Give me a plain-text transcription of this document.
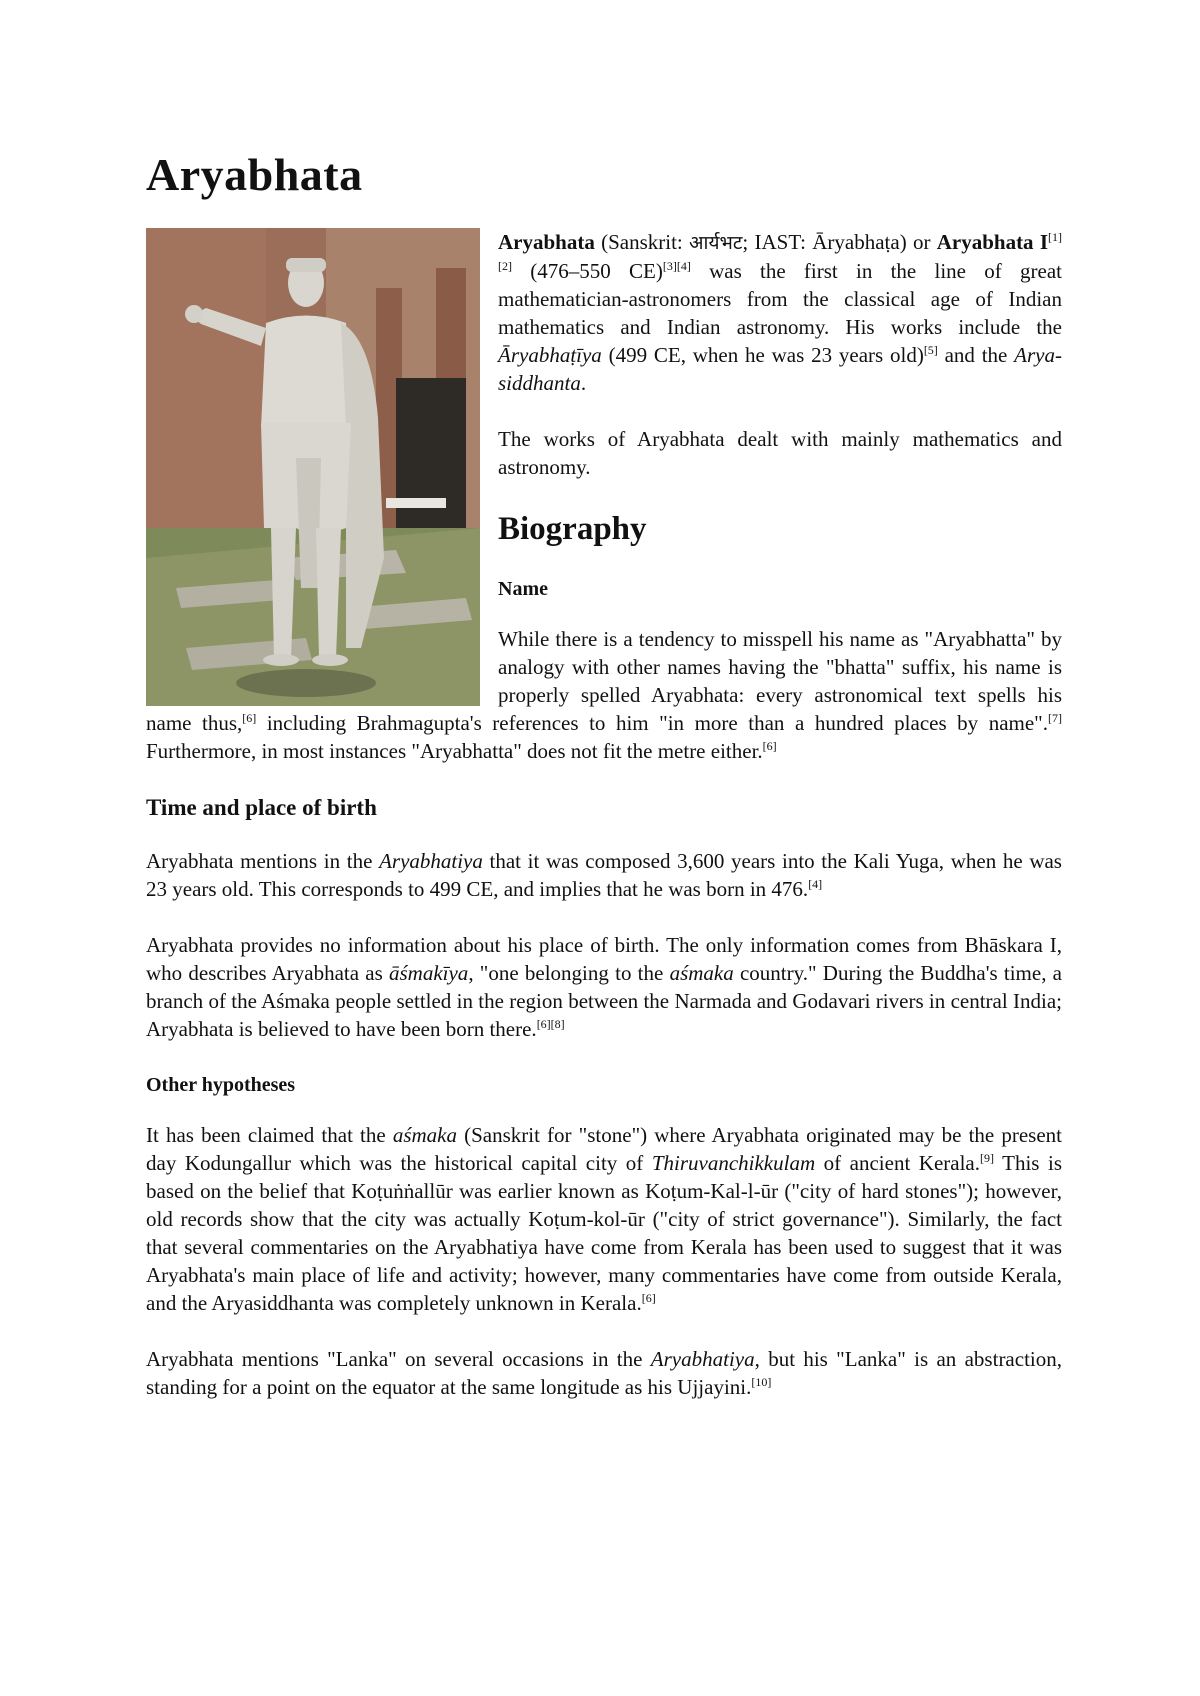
Aryabhata

Aryabhata (Sanskrit: आर्यभट; IAST: Āryabhaṭa) or Aryabhata I[1][2] (476–550 CE)[3][4] was the first in the line of great mathematician-astronomers from the classical age of Indian mathematics and Indian astronomy. His works include the Āryabhaṭīya (499 CE, when he was 23 years old)[5] and the Arya-siddhanta.

The works of Aryabhata dealt with mainly mathematics and astronomy.

Biography
Name

While there is a tendency to misspell his name as "Aryabhatta" by analogy with other names having the "bhatta" suffix, his name is properly spelled Aryabhata: every astronomical text spells his name thus,[6] including Brahmagupta's references to him "in more than a hundred places by name".[7] Furthermore, in most instances "Aryabhatta" does not fit the metre either.[6]

Time and place of birth

Aryabhata mentions in the Aryabhatiya that it was composed 3,600 years into the Kali Yuga, when he was 23 years old. This corresponds to 499 CE, and implies that he was born in 476.[4]

Aryabhata provides no information about his place of birth. The only information comes from Bhāskara I, who describes Aryabhata as āśmakīya, "one belonging to the aśmaka country." During the Buddha's time, a branch of the Aśmaka people settled in the region between the Narmada and Godavari rivers in central India; Aryabhata is believed to have been born there.[6][8]

Other hypotheses

It has been claimed that the aśmaka (Sanskrit for "stone") where Aryabhata originated may be the present day Kodungallur which was the historical capital city of Thiruvanchikkulam of ancient Kerala.[9] This is based on the belief that Koṭuṅṅallūr was earlier known as Koṭum-Kal-l-ūr ("city of hard stones"); however, old records show that the city was actually Koṭum-kol-ūr ("city of strict governance"). Similarly, the fact that several commentaries on the Aryabhatiya have come from Kerala has been used to suggest that it was Aryabhata's main place of life and activity; however, many commentaries have come from outside Kerala, and the Aryasiddhanta was completely unknown in Kerala.[6]

Aryabhata mentions "Lanka" on several occasions in the Aryabhatiya, but his "Lanka" is an abstraction, standing for a point on the equator at the same longitude as his Ujjayini.[10]
